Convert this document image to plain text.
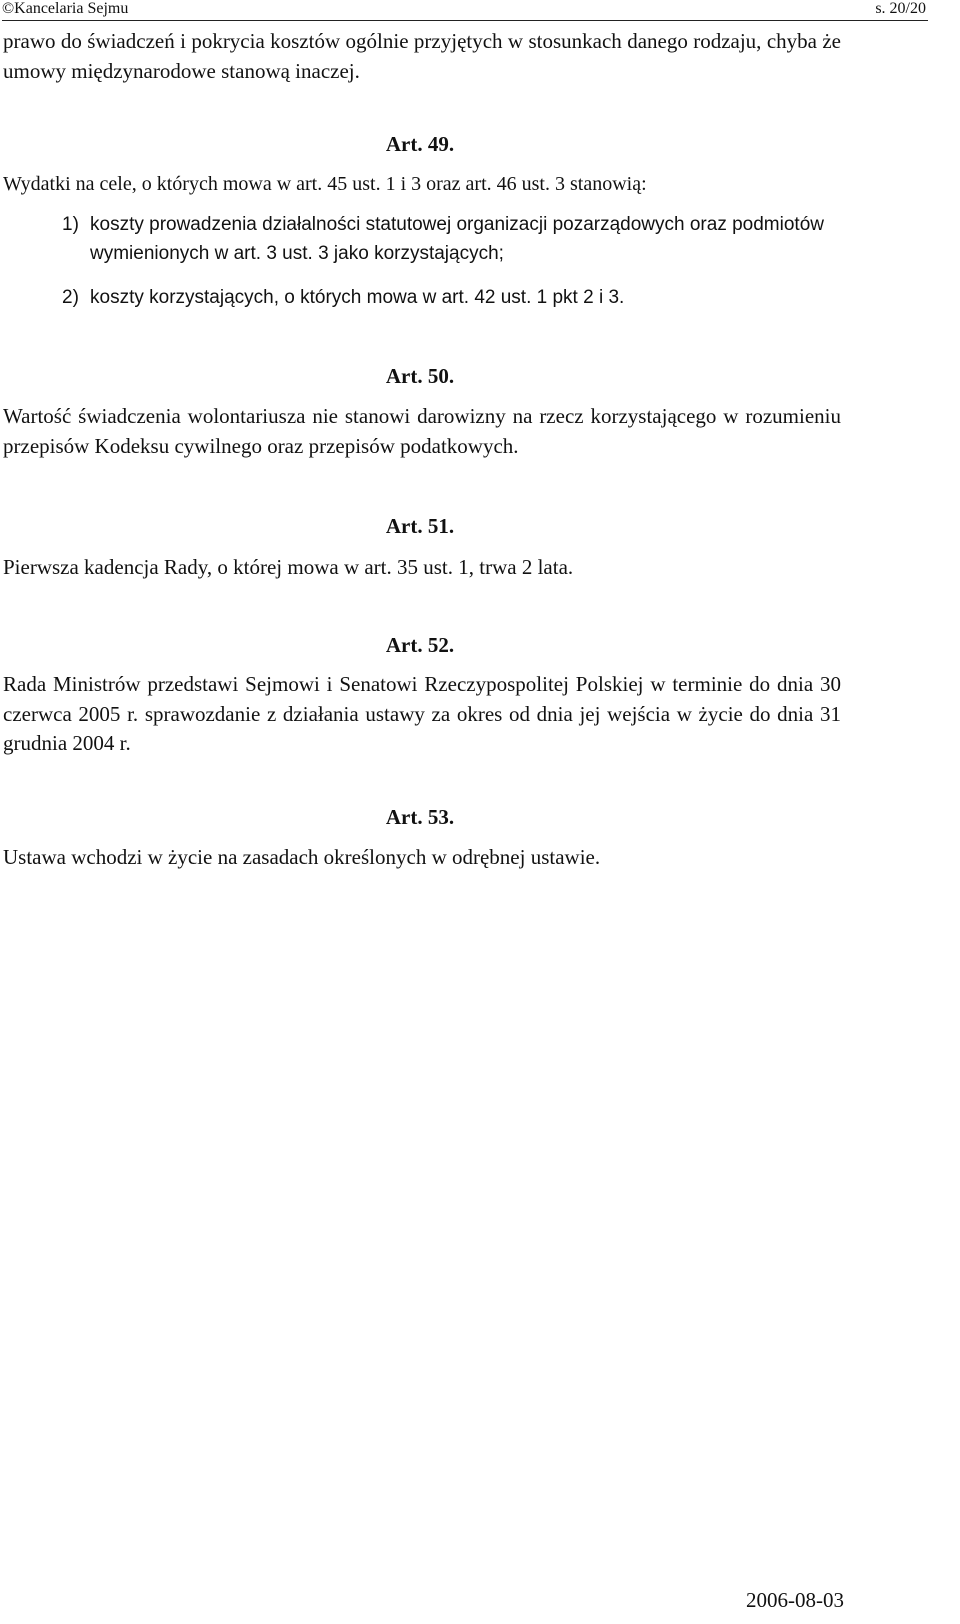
©Kancelaria Sejmu	s. 20/20
prawo do świadczeń i pokrycia kosztów ogólnie przyjętych w stosunkach danego rodzaju, chyba że umowy międzynarodowe stanową inaczej.
Art. 49.
Wydatki na cele, o których mowa w art. 45 ust. 1 i 3 oraz art. 46 ust. 3 stanowią:
1) koszty prowadzenia działalności statutowej organizacji pozarządowych oraz podmiotów wymienionych w art. 3 ust. 3 jako korzystających;
2) koszty korzystających, o których mowa w art. 42 ust. 1 pkt 2 i 3.
Art. 50.
Wartość świadczenia wolontariusza nie stanowi darowizny na rzecz korzystającego w rozumieniu przepisów Kodeksu cywilnego oraz przepisów podatkowych.
Art. 51.
Pierwsza kadencja Rady, o której mowa w art. 35 ust. 1, trwa 2 lata.
Art. 52.
Rada Ministrów przedstawi Sejmowi i Senatowi Rzeczypospolitej Polskiej w terminie do dnia 30 czerwca 2005 r. sprawozdanie z działania ustawy za okres od dnia jej wejścia w życie do dnia 31 grudnia 2004 r.
Art. 53.
Ustawa wchodzi w życie na zasadach określonych w odrębnej ustawie.
2006-08-03
